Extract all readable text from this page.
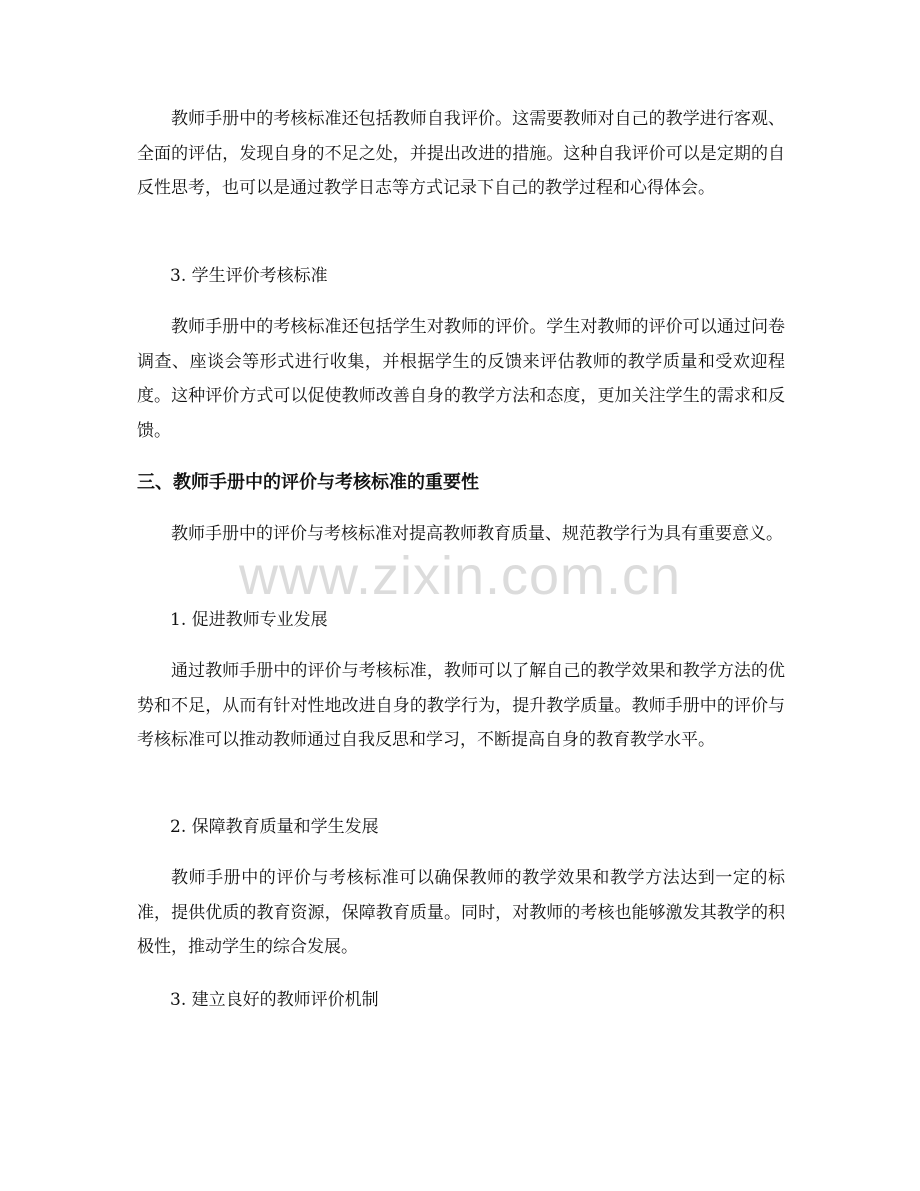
教师手册中的考核标准还包括教师自我评价。这需要教师对自己的教学进行客观、全面的评估，发现自身的不足之处，并提出改进的措施。这种自我评价可以是定期的自反性思考，也可以是通过教学日志等方式记录下自己的教学过程和心得体会。

3. 学生评价考核标准

教师手册中的考核标准还包括学生对教师的评价。学生对教师的评价可以通过问卷调查、座谈会等形式进行收集，并根据学生的反馈来评估教师的教学质量和受欢迎程度。这种评价方式可以促使教师改善自身的教学方法和态度，更加关注学生的需求和反馈。

三、教师手册中的评价与考核标准的重要性

教师手册中的评价与考核标准对提高教师教育质量、规范教学行为具有重要意义。

1. 促进教师专业发展

通过教师手册中的评价与考核标准，教师可以了解自己的教学效果和教学方法的优势和不足，从而有针对性地改进自身的教学行为，提升教学质量。教师手册中的评价与考核标准可以推动教师通过自我反思和学习，不断提高自身的教育教学水平。

2. 保障教育质量和学生发展

教师手册中的评价与考核标准可以确保教师的教学效果和教学方法达到一定的标准，提供优质的教育资源，保障教育质量。同时，对教师的考核也能够激发其教学的积极性，推动学生的综合发展。

3. 建立良好的教师评价机制

www.zixin.com.cn
